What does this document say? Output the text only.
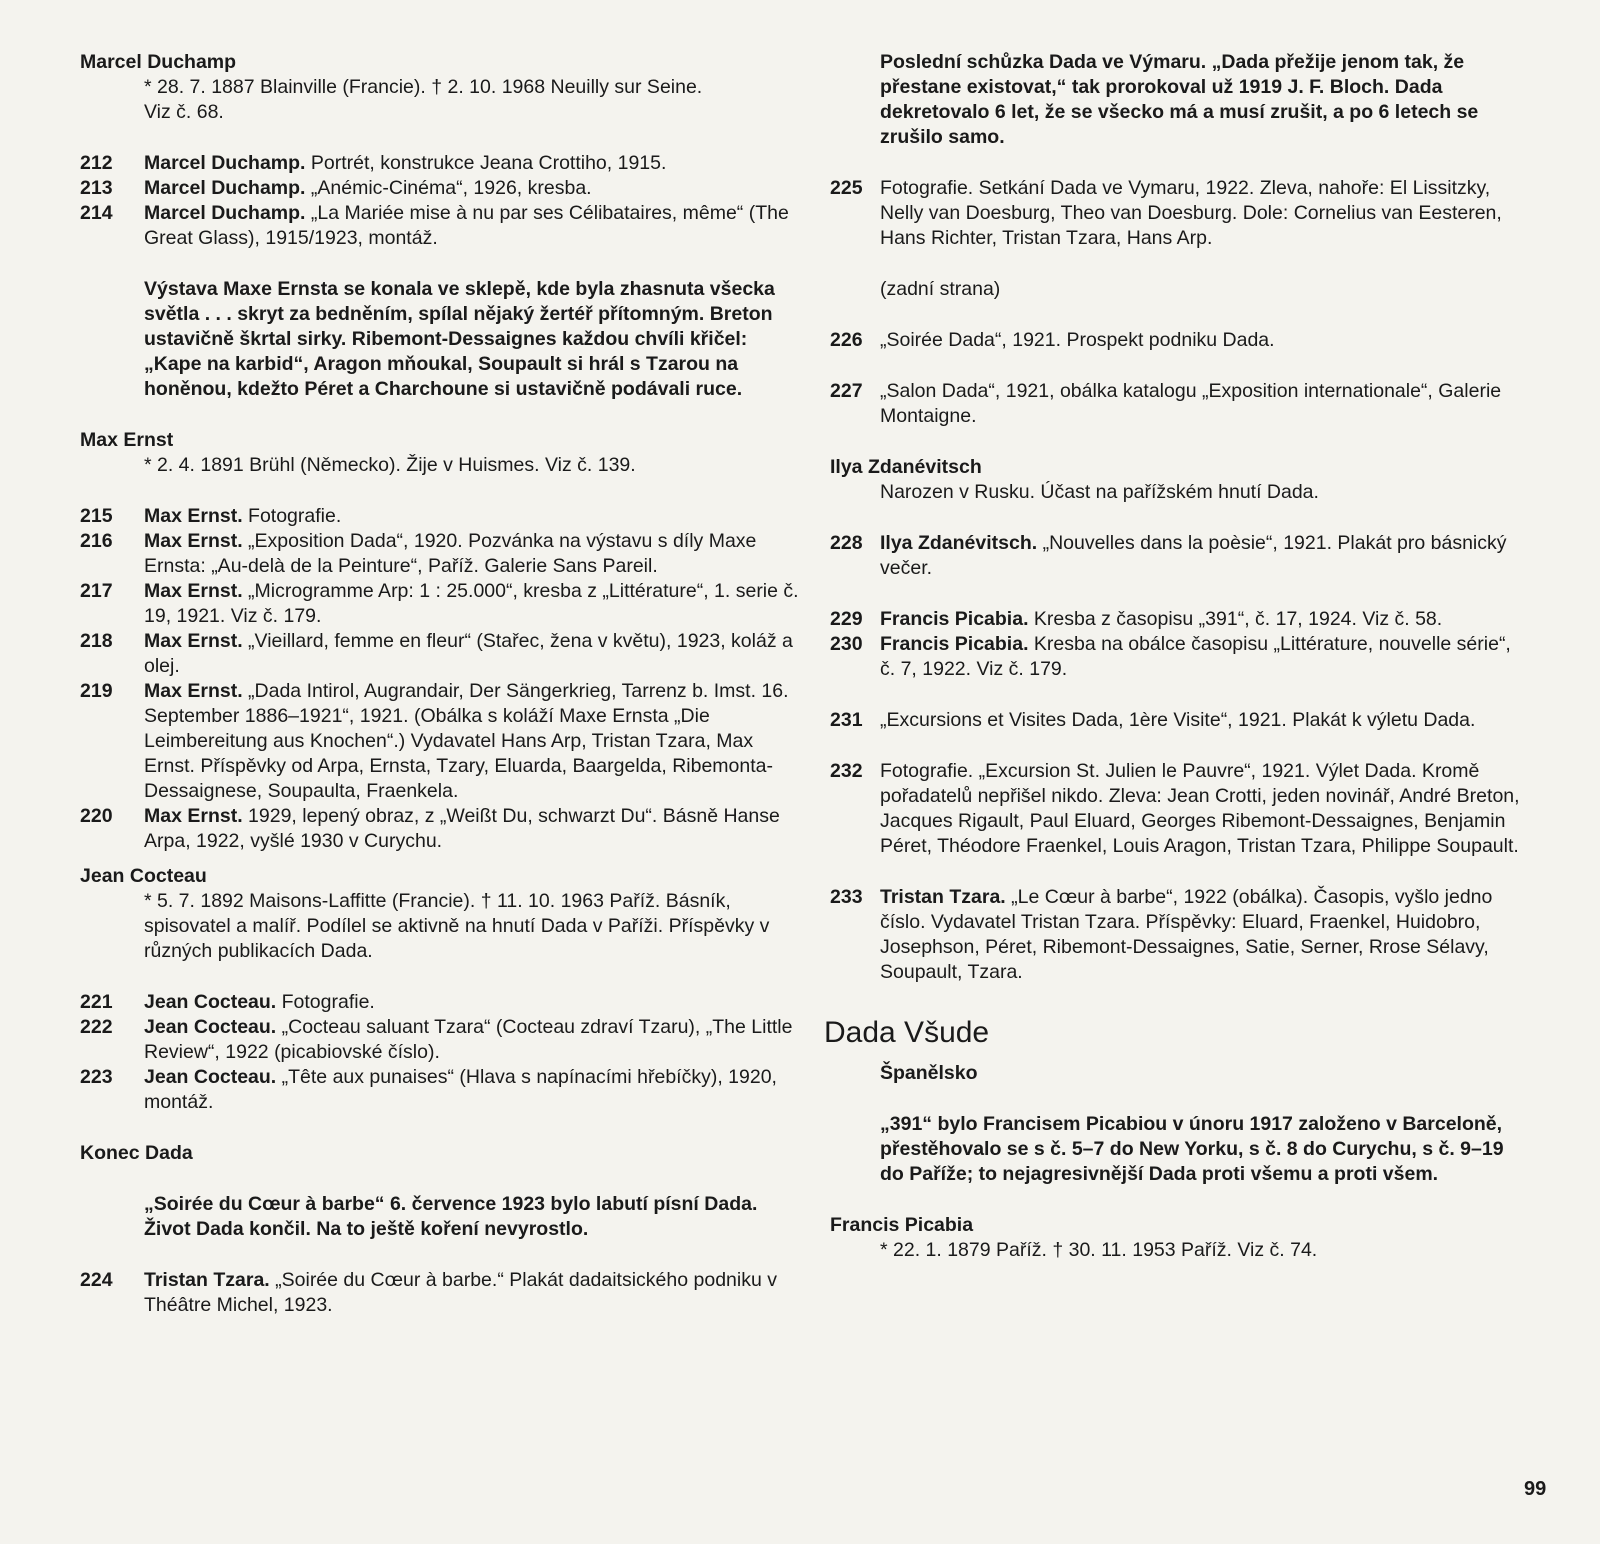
Marcel Duchamp

* 28. 7. 1887 Blainville (Francie). † 2. 10. 1968 Neuilly sur Seine.

Viz č. 68.

212	Marcel Duchamp. Portrét, konstrukce Jeana Crottiho, 1915.
213	Marcel Duchamp. „Anémic-Cinéma“, 1926, kresba.
214	Marcel Duchamp. „La Mariée mise à nu par ses Célibataires, même“ (The Great Glass), 1915/1923, montáž.

Výstava Maxe Ernsta se konala ve sklepě, kde byla zhasnuta všecka světla . . . skryt za bedněním, spílal nějaký žertéř přítomným. Breton ustavičně škrtal sirky. Ribemont-Dessaignes každou chvíli křičel: „Kape na karbid“, Aragon mňoukal, Soupault si hrál s Tzarou na honěnou, kdežto Péret a Charchoune si ustavičně podávali ruce.

Max Ernst

* 2. 4. 1891 Brühl (Německo). Žije v Huismes. Viz č. 139.

215	Max Ernst. Fotografie.
216	Max Ernst. „Exposition Dada“, 1920. Pozvánka na výstavu s díly Maxe Ernsta: „Au-delà de la Peinture“, Paříž. Galerie Sans Pareil.
217	Max Ernst. „Microgramme Arp: 1 : 25.000“, kresba z „Littérature“, 1. serie č. 19, 1921. Viz č. 179.
218	Max Ernst. „Vieillard, femme en fleur“ (Stařec, žena v květu), 1923, koláž a olej.
219	Max Ernst. „Dada Intirol, Augrandair, Der Sängerkrieg, Tarrenz b. Imst. 16. September 1886–1921“, 1921. (Obálka s koláží Maxe Ernsta „Die Leimbereitung aus Knochen“.) Vydavatel Hans Arp, Tristan Tzara, Max Ernst. Příspěvky od Arpa, Ernsta, Tzary, Eluarda, Baargelda, Ribemonta-Dessaignese, Soupaulta, Fraenkela.
220	Max Ernst. 1929, lepený obraz, z „Weißt Du, schwarzt Du“. Básně Hanse Arpa, 1922, vyšlé 1930 v Curychu.

Jean Cocteau

* 5. 7. 1892 Maisons-Laffitte (Francie). † 11. 10. 1963 Paříž. Básník, spisovatel a malíř. Podílel se aktivně na hnutí Dada v Paříži. Příspěvky v různých publikacích Dada.

221	Jean Cocteau. Fotografie.
222	Jean Cocteau. „Cocteau saluant Tzara“ (Cocteau zdraví Tzaru), „The Little Review“, 1922 (picabiovské číslo).
223	Jean Cocteau. „Tête aux punaises“ (Hlava s napínacími hřebíčky), 1920, montáž.

Konec Dada

„Soirée du Cœur à barbe“ 6. července 1923 bylo labutí písní Dada. Život Dada končil. Na to ještě koření nevyrostlo.

224	Tristan Tzara. „Soirée du Cœur à barbe.“ Plakát dadaitsického podniku v Théâtre Michel, 1923.

Poslední schůzka Dada ve Výmaru. „Dada přežije jenom tak, že přestane existovat,“ tak prorokoval už 1919 J. F. Bloch. Dada dekretovalo 6 let, že se všecko má a musí zrušit, a po 6 letech se zrušilo samo.

225 Fotografie. Setkání Dada ve Vymaru, 1922. Zleva, nahoře: El Lissitzky, Nelly van Doesburg, Theo van Doesburg. Dole: Cornelius van Eesteren, Hans Richter, Tristan Tzara, Hans Arp.

(zadní strana)

226 „Soirée Dada“, 1921. Prospekt podniku Dada.
227 „Salon Dada“, 1921, obálka katalogu „Exposition internationale“, Galerie Montaigne.

Ilya Zdanévitsch

Narozen v Rusku. Účast na pařížském hnutí Dada.

228 Ilya Zdanévitsch. „Nouvelles dans la poèsie“, 1921. Plakát pro básnický večer.
229 Francis Picabia. Kresba z časopisu „391“, č. 17, 1924. Viz č. 58.
230 Francis Picabia. Kresba na obálce časopisu „Littérature, nouvelle série“, č. 7, 1922. Viz č. 179.
231 „Excursions et Visites Dada, 1ère Visite“, 1921. Plakát k výletu Dada.
232 Fotografie. „Excursion St. Julien le Pauvre“, 1921. Výlet Dada. Kromě pořadatelů nepřišel nikdo. Zleva: Jean Crotti, jeden novinář, André Breton, Jacques Rigault, Paul Eluard, Georges Ribemont-Dessaignes, Benjamin Péret, Théodore Fraenkel, Louis Aragon, Tristan Tzara, Philippe Soupault.
233 Tristan Tzara. „Le Cœur à barbe“, 1922 (obálka). Časopis, vyšlo jedno číslo. Vydavatel Tristan Tzara. Příspěvky: Eluard, Fraenkel, Huidobro, Josephson, Péret, Ribemont-Dessaignes, Satie, Serner, Rrose Sélavy, Soupault, Tzara.
Dada Všude

Španělsko

„391“ bylo Francisem Picabiou v únoru 1917 založeno v Barceloně, přestěhovalo se s č. 5–7 do New Yorku, s č. 8 do Curychu, s č. 9–19 do Paříže; to nejagresivnější Dada proti všemu a proti všem.

Francis Picabia

* 22. 1. 1879 Paříž. † 30. 11. 1953 Paříž. Viz č. 74.

99
